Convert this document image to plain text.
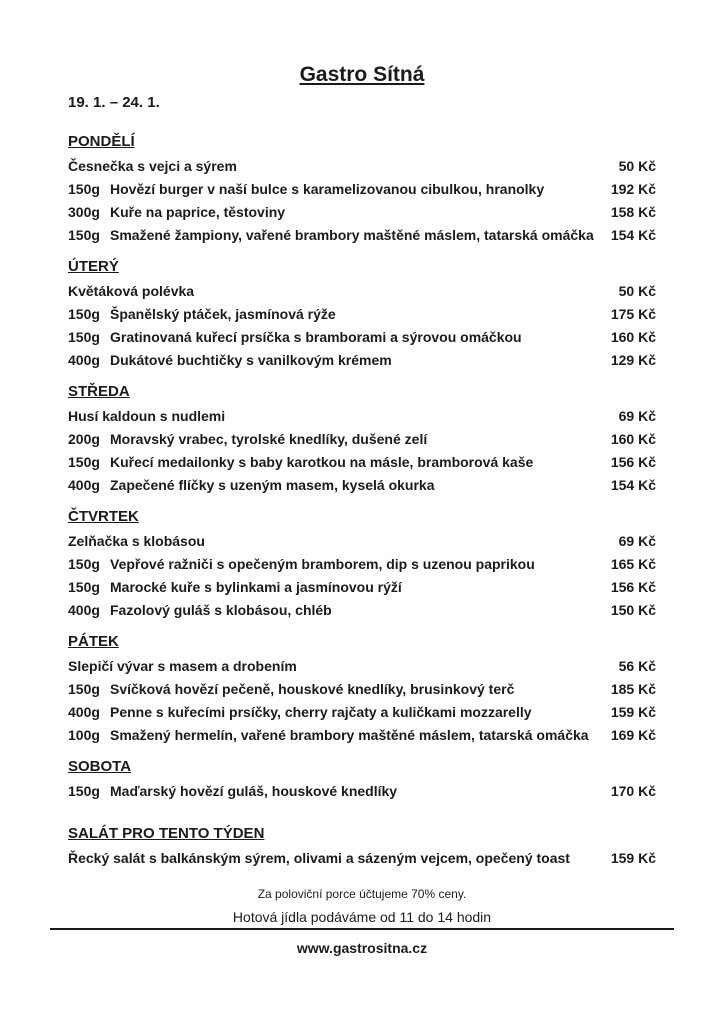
Gastro Sítná
19. 1. – 24. 1.
PONDĚLÍ
Česnečka s vejci a sýrem	50 Kč
150g Hovězí burger v naší bulce s karamelizovanou cibulkou, hranolky	192 Kč
300g Kuře na paprice, těstoviny	158 Kč
150g Smažené žampiony, vařené brambory maštěné máslem, tatarská omáčka	154 Kč
ÚTERÝ
Květáková polévka	50 Kč
150g Španělský ptáček, jasmínová rýže	175 Kč
150g Gratinovaná kuřecí prsíčka s bramborami a sýrovou omáčkou	160 Kč
400g Dukátové buchtičky s vanilkovým krémem	129 Kč
STŘEDA
Husí kaldoun s nudlemi	69 Kč
200g Moravský vrabec, tyrolské knedlíky, dušené zelí	160 Kč
150g Kuřecí medailonky s baby karotkou na másle, bramborová kaše	156 Kč
400g Zapečené flíčky s uzeným masem, kyselá okurka	154 Kč
ČTVRTEK
Zelňačka s klobásou	69 Kč
150g Vepřové ražniči s opečeným bramborem, dip s uzenou paprikou	165 Kč
150g Marocké kuře s bylinkami a jasmínovou rýží	156 Kč
400g Fazolový guláš s klobásou, chléb	150 Kč
PÁTEK
Slepičí vývar s masem a drobením	56 Kč
150g Svíčková hovězí pečeně, houskové knedlíky, brusinkový terč	185 Kč
400g Penne s kuřecími prsíčky, cherry rajčaty a kuličkami mozzarelly	159 Kč
100g Smažený hermelín, vařené brambory maštěné máslem, tatarská omáčka	169 Kč
SOBOTA
150g Maďarský hovězí guláš, houskové knedlíky	170 Kč
SALÁT PRO TENTO TÝDEN
Řecký salát s balkánským sýrem, olivami a sázeným vejcem, opečený toast	159 Kč
Za poloviční porce účtujeme 70% ceny.
Hotová jídla podáváme od 11 do 14 hodin
www.gastrositna.cz
